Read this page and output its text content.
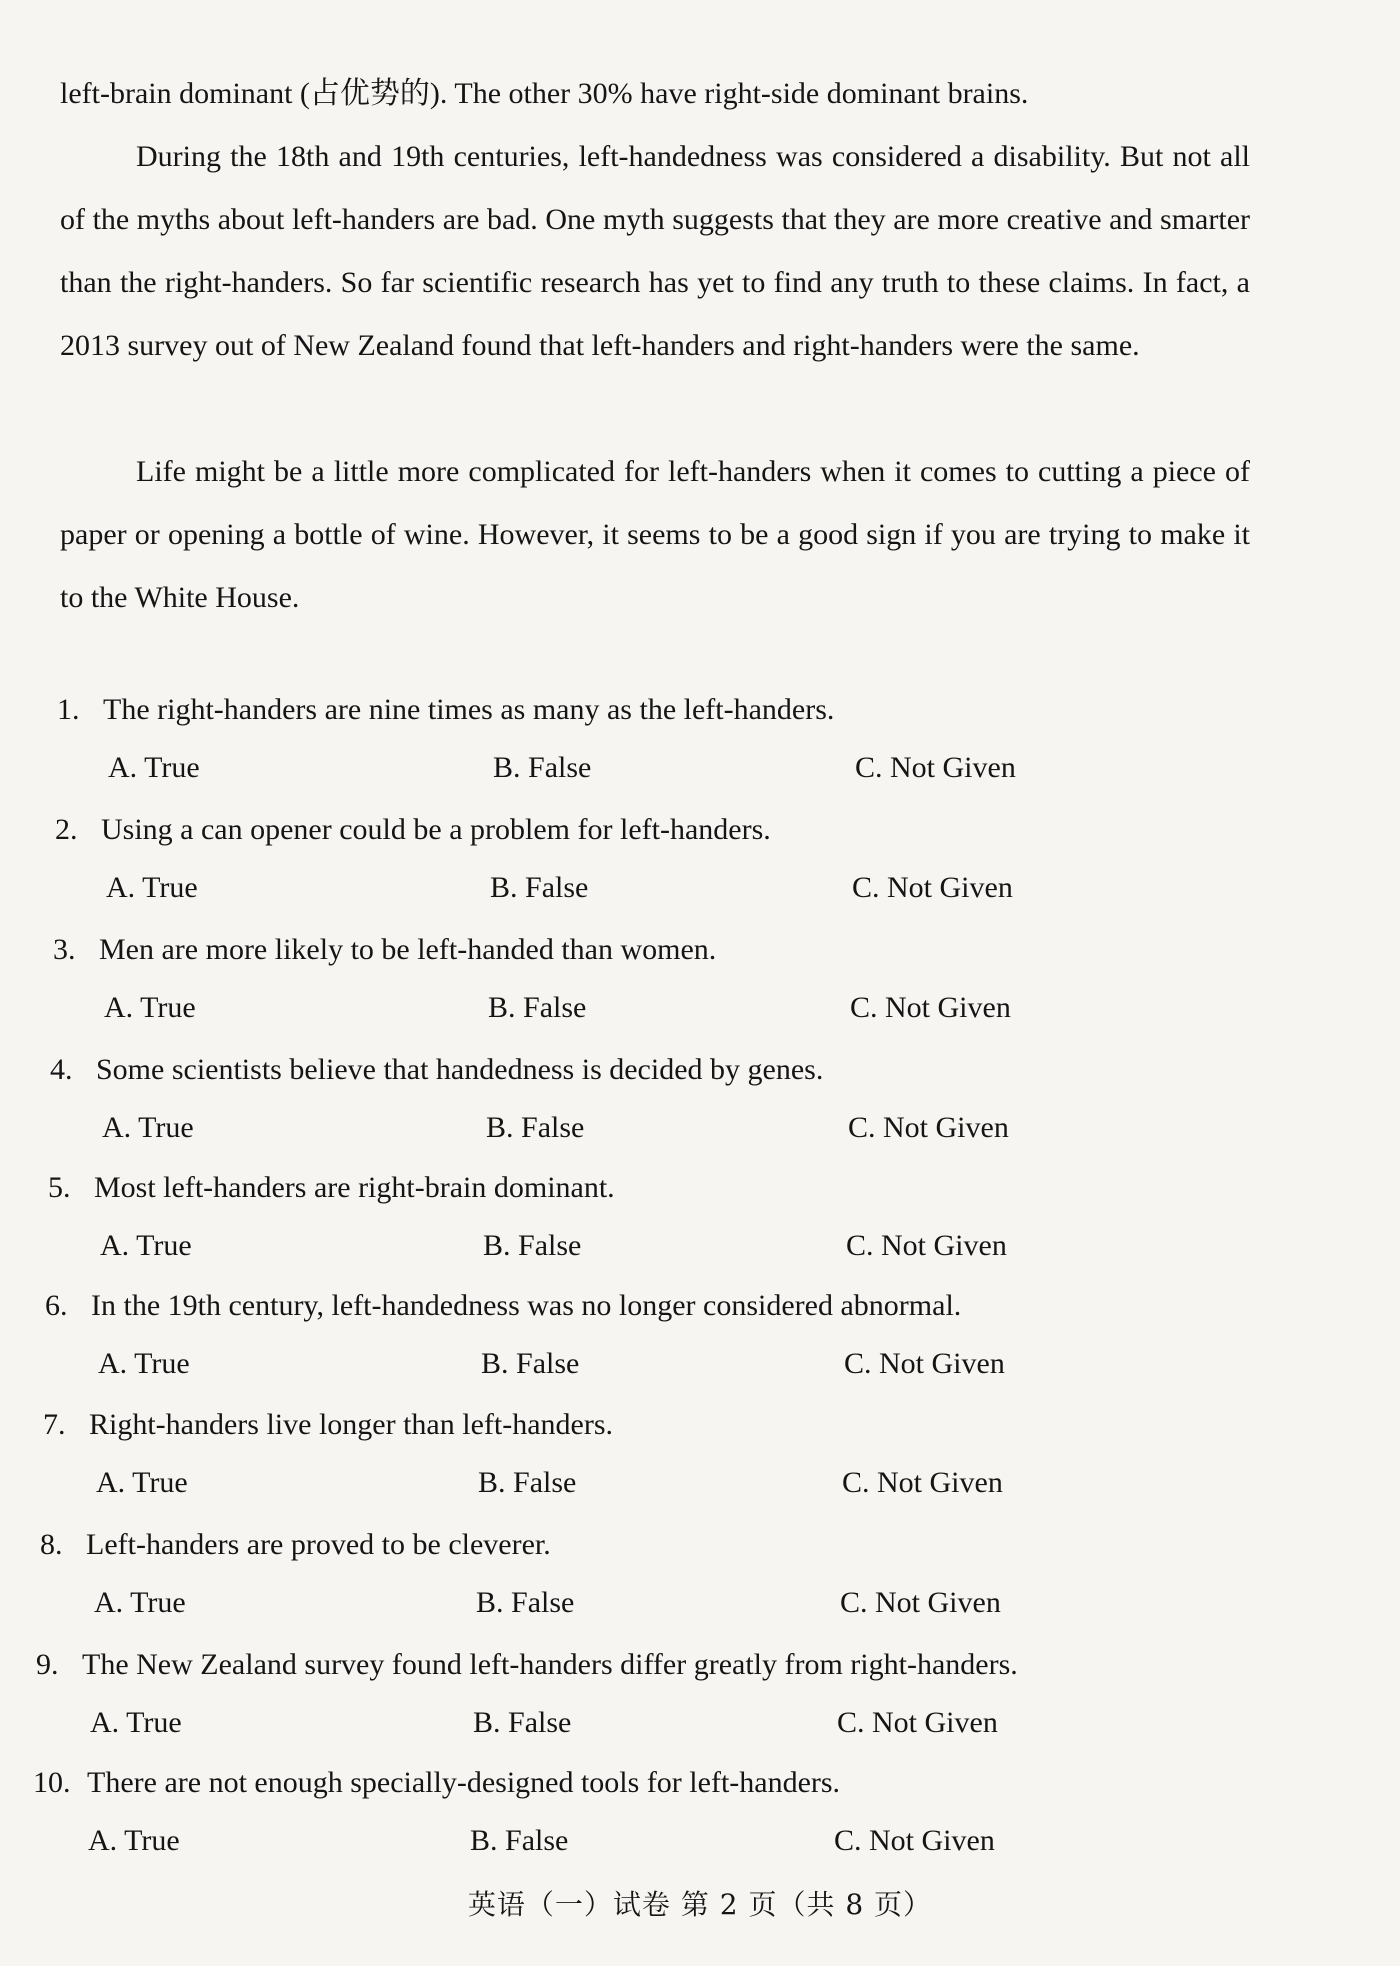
left-brain dominant (占优势的). The other 30% have right-side dominant brains.

During the 18th and 19th centuries, left-handedness was considered a disability. But not all of the myths about left-handers are bad. One myth suggests that they are more creative and smarter than the right-handers. So far scientific research has yet to find any truth to these claims. In fact, a 2013 survey out of New Zealand found that left-handers and right-handers were the same.

Life might be a little more complicated for left-handers when it comes to cutting a piece of paper or opening a bottle of wine. However, it seems to be a good sign if you are trying to make it to the White House.

1. The right-handers are nine times as many as the left-handers.
A. True	B. False	C. Not Given
2. Using a can opener could be a problem for left-handers.
A. True	B. False	C. Not Given
3. Men are more likely to be left-handed than women.
A. True	B. False	C. Not Given
4. Some scientists believe that handedness is decided by genes.
A. True	B. False	C. Not Given
5. Most left-handers are right-brain dominant.
A. True	B. False	C. Not Given
6. In the 19th century, left-handedness was no longer considered abnormal.
A. True	B. False	C. Not Given
7. Right-handers live longer than left-handers.
A. True	B. False	C. Not Given
8. Left-handers are proved to be cleverer.
A. True	B. False	C. Not Given
9. The New Zealand survey found left-handers differ greatly from right-handers.
A. True	B. False	C. Not Given
10. There are not enough specially-designed tools for left-handers.
A. True	B. False	C. Not Given
英语（一）试卷 第 2 页（共 8 页）
